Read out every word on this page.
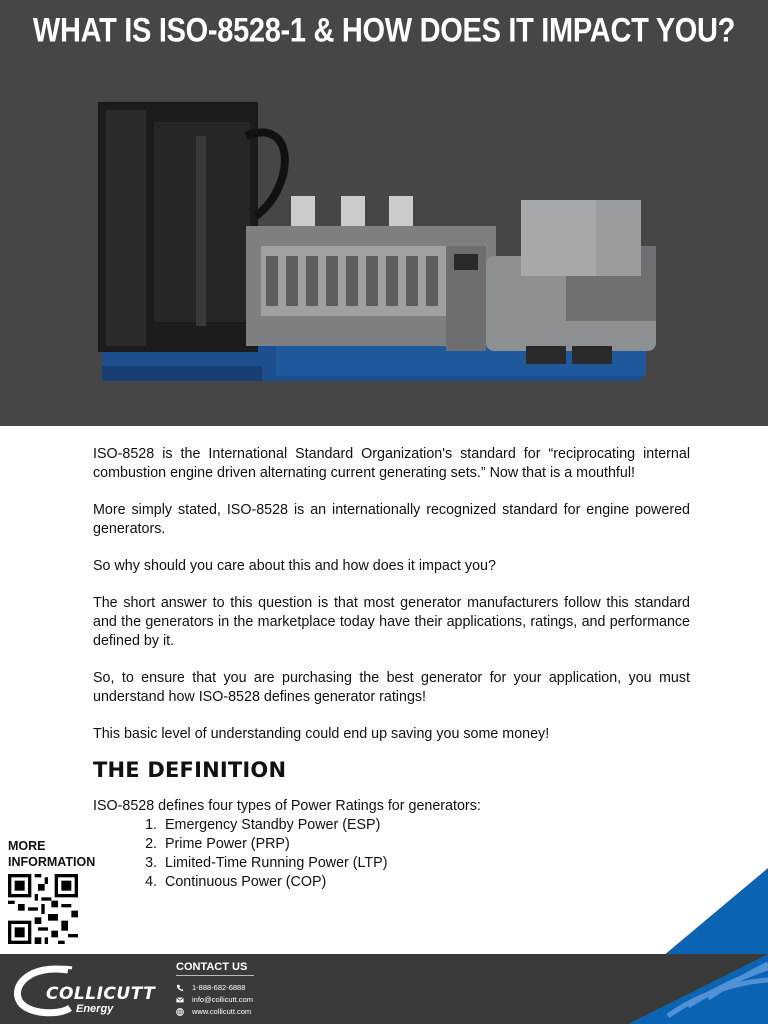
WHAT IS ISO-8528-1 & HOW DOES IT IMPACT YOU?

ISO-8528 is the International Standard Organization's standard for “reciprocating internal combustion engine driven alternating current generating sets.” Now that is a mouthful!

More simply stated, ISO-8528 is an internationally recognized standard for engine powered generators.

So why should you care about this and how does it impact you?

The short answer to this question is that most generator manufacturers follow this standard and the generators in the marketplace today have their applications, ratings, and performance defined by it.

So, to ensure that you are purchasing the best generator for your application, you must understand how ISO-8528 defines generator ratings!

This basic level of understanding could end up saving you some money!

THE DEFINITION
ISO-8528 defines four types of Power Ratings for generators:
1. Emergency Standby Power (ESP)
2. Prime Power (PRP)
3. Limited-Time Running Power (LTP)
4. Continuous Power (COP)
MORE
INFORMATION
COLLICUTT
Energy
CONTACT US
1-888-682-6888
info@collicutt.com
www.collicutt.com
